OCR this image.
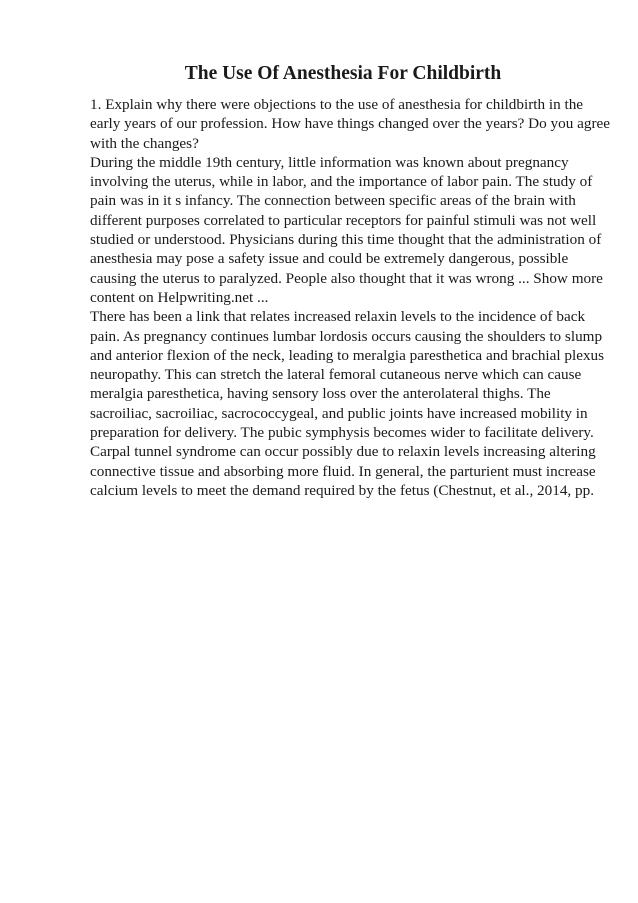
The Use Of Anesthesia For Childbirth
1. Explain why there were objections to the use of anesthesia for childbirth in the
early years of our profession. How have things changed over the years? Do you agree
with the changes?
During the middle 19th century, little information was known about pregnancy
involving the uterus, while in labor, and the importance of labor pain. The study of
pain was in it s infancy. The connection between specific areas of the brain with
different purposes correlated to particular receptors for painful stimuli was not well
studied or understood. Physicians during this time thought that the administration of
anesthesia may pose a safety issue and could be extremely dangerous, possible
causing the uterus to paralyzed. People also thought that it was wrong ... Show more
content on Helpwriting.net ...
There has been a link that relates increased relaxin levels to the incidence of back
pain. As pregnancy continues lumbar lordosis occurs causing the shoulders to slump
and anterior flexion of the neck, leading to meralgia paresthetica and brachial plexus
neuropathy. This can stretch the lateral femoral cutaneous nerve which can cause
meralgia paresthetica, having sensory loss over the anterolateral thighs. The
sacroiliac, sacroiliac, sacrococcygeal, and public joints have increased mobility in
preparation for delivery. The pubic symphysis becomes wider to facilitate delivery.
Carpal tunnel syndrome can occur possibly due to relaxin levels increasing altering
connective tissue and absorbing more fluid. In general, the parturient must increase
calcium levels to meet the demand required by the fetus (Chestnut, et al., 2014, pp.
